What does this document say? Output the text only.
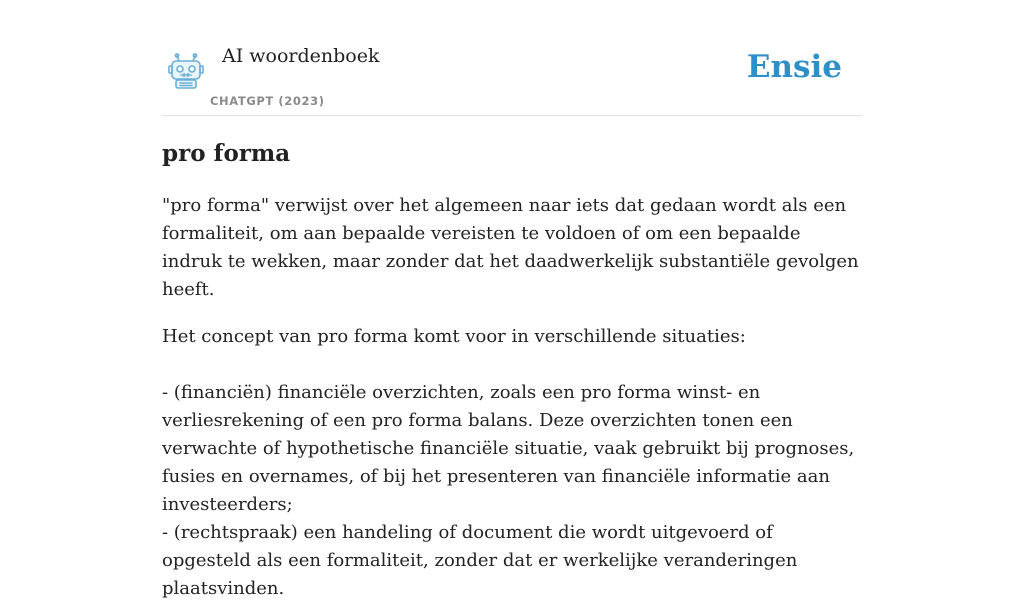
AI woordenboek
CHATGPT (2023)
Ensie
pro forma

"pro forma" verwijst over het algemeen naar iets dat gedaan wordt als een formaliteit, om aan bepaalde vereisten te voldoen of om een bepaalde indruk te wekken, maar zonder dat het daadwerkelijk substantiële gevolgen heeft.

Het concept van pro forma komt voor in verschillende situaties:

- (financiën) financiële overzichten, zoals een pro forma winst- en verliesrekening of een pro forma balans. Deze overzichten tonen een verwachte of hypothetische financiële situatie, vaak gebruikt bij prognoses, fusies en overnames, of bij het presenteren van financiële informatie aan investeerders;

- (rechtspraak) een handeling of document die wordt uitgevoerd of opgesteld als een formaliteit, zonder dat er werkelijke veranderingen plaatsvinden.
